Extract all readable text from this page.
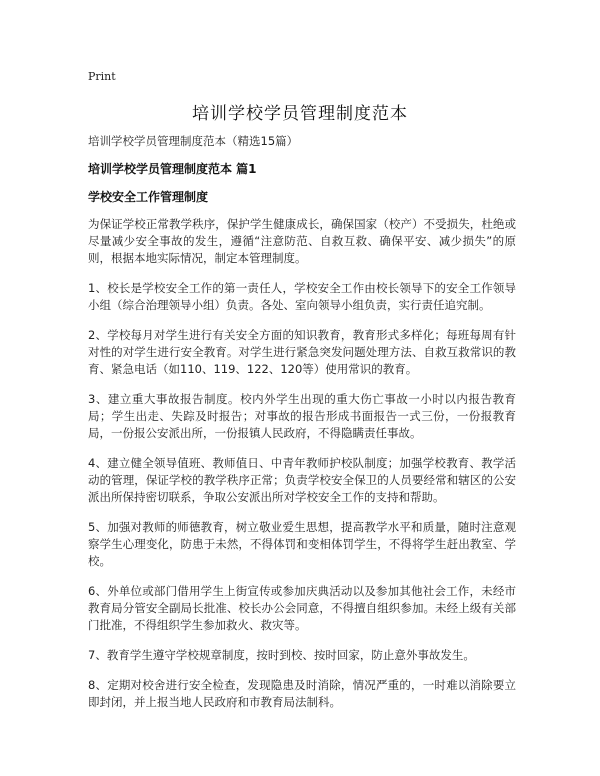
Print
培训学校学员管理制度范本

培训学校学员管理制度范本（精选15篇）

培训学校学员管理制度范本 篇1

学校安全工作管理制度

为保证学校正常教学秩序，保护学生健康成长，确保国家（校产）不受损失，杜绝或尽量减少安全事故的发生，遵循“注意防范、自救互救、确保平安、减少损失”的原则，根据本地实际情况，制定本管理制度。

1、校长是学校安全工作的第一责任人，学校安全工作由校长领导下的安全工作领导小组（综合治理领导小组）负责。各处、室向领导小组负责，实行责任追究制。

2、学校每月对学生进行有关安全方面的知识教育，教育形式多样化；每班每周有针对性的对学生进行安全教育。对学生进行紧急突发问题处理方法、自救互救常识的教育、紧急电话（如110、119、122、120等）使用常识的教育。

3、建立重大事故报告制度。校内外学生出现的重大伤亡事故一小时以内报告教育局；学生出走、失踪及时报告；对事故的报告形成书面报告一式三份，一份报教育局，一份报公安派出所，一份报镇人民政府，不得隐瞒责任事故。

4、建立健全领导值班、教师值日、中青年教师护校队制度；加强学校教育、教学活动的管理，保证学校的教学秩序正常；负责学校安全保卫的人员要经常和辖区的公安派出所保持密切联系，争取公安派出所对学校安全工作的支持和帮助。

5、加强对教师的师德教育，树立敬业爱生思想，提高教学水平和质量，随时注意观察学生心理变化，防患于未然，不得体罚和变相体罚学生，不得将学生赶出教室、学校。

6、外单位或部门借用学生上街宣传或参加庆典活动以及参加其他社会工作，未经市教育局分管安全副局长批准、校长办公会同意，不得擅自组织参加。未经上级有关部门批准，不得组织学生参加救火、救灾等。

7、教育学生遵守学校规章制度，按时到校、按时回家，防止意外事故发生。

8、定期对校舍进行安全检查，发现隐患及时消除，情况严重的，一时难以消除要立即封闭，并上报当地人民政府和市教育局法制科。
